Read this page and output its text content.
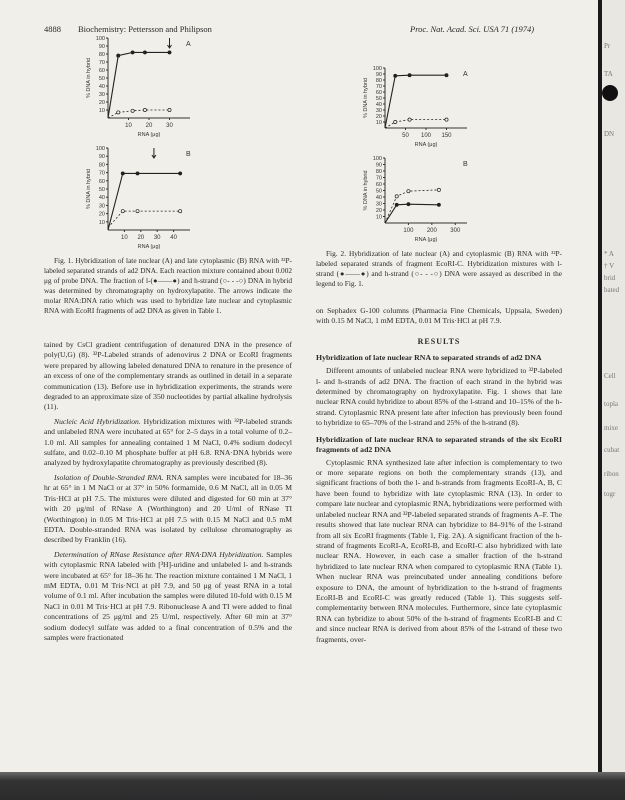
4888 Biochemistry: Pettersson and Philipson	Proc. Nat. Acad. Sci. USA 71 (1974)
10
20
30
40
50
60
70
80
90
100
10 20 30
RNA (μg)
% DNA in hybrid
A
10
20
30
40
50
60
70
80
90
100
10 20 30 40
RNA (μg)
% DNA in hybrid
B
10
20
30
40
50
60
70
80
90
100
50 100 150
RNA (μg)
% DNA in hybrid
A
10
20
30
40
50
60
70
80
90
100
100 200 300
RNA (μg)
% DNA in hybrid
B

Fig. 1. Hybridization of late nuclear (A) and late cytoplasmic (B) RNA with ³²P-labeled separated strands of ad2 DNA. Each reaction mixture contained about 0.002 μg of probe DNA. The fraction of l-(●——●) and h-strand (○- - -○) DNA in hybrid was determined by chromatography on hydroxylapatite. The arrows indicate the molar RNA:DNA ratio which was used to hybridize late nuclear and cytoplasmic RNA with EcoRI fragments of ad2 DNA as given in Table 1.

Fig. 2. Hybridization of late nuclear (A) and cytoplasmic (B) RNA with ³²P-labeled separated strands of fragment EcoRI-C. Hybridization mixtures with l-strand (●——●) and h-strand (○- - -○) DNA were assayed as described in the legend to Fig. 1.

tained by CsCl gradient centrifugation of denatured DNA in the presence of poly(U,G) (8). ³²P-Labeled strands of adenovirus 2 DNA or EcoRI fragments were prepared by allowing labeled denatured DNA to renature in the presence of an excess of one of the complementary strands as outlined in detail in a separate communication (13). Before use in hybridization experiments, the strands were degraded to an approximate size of 350 nucleotides by partial alkaline hydrolysis (11).

Nucleic Acid Hybridization. Hybridization mixtures with ³²P-labeled strands and unlabeled RNA were incubated at 65° for 2–5 days in a total volume of 0.2–1.0 ml. All samples for annealing contained 1 M NaCl, 0.4% sodium dodecyl sulfate, and 0.02–0.10 M phosphate buffer at pH 6.8. RNA·DNA hybrids were analyzed by hydroxylapatite chromatography as previously described (8).

Isolation of Double-Stranded RNA. RNA samples were incubated for 18–36 hr at 65° in 1 M NaCl or at 37° in 50% formamide, 0.6 M NaCl, all in 0.05 M Tris·HCl at pH 7.5. The mixtures were diluted and digested for 60 min at 37° with 20 μg/ml of RNase A (Worthington) and 20 U/ml of RNase TI (Worthington) in 0.05 M Tris·HCl at pH 7.5 with 0.15 M NaCl and 0.5 mM EDTA. Double-stranded RNA was isolated by cellulose chromatography as described by Franklin (16).

Determination of RNase Resistance after RNA·DNA Hybridization. Samples with cytoplasmic RNA labeled with [³H]-uridine and unlabeled l- and h-strands were incubated at 65° for 18–36 hr. The reaction mixture contained 1 M NaCl, 1 mM EDTA, 0.01 M Tris·NCl at pH 7.9, and 50 μg of yeast RNA in a total volume of 0.1 ml. After incubation the samples were diluted 10-fold with 0.15 M NaCl in 0.01 M Tris·HCl at pH 7.9. Ribonuclease A and TI were added to final concentrations of 25 μg/ml and 25 U/ml, respectively. After 60 min at 37° sodium dodecyl sulfate was added to a final concentration of 0.5% and the samples were fractionated

on Sephadex G-100 columns (Pharmacia Fine Chemicals, Uppsala, Sweden) with 0.15 M NaCl, 1 mM EDTA, 0.01 M Tris·HCl at pH 7.9.

RESULTS
Hybridization of late nuclear RNA to separated strands of ad2 DNA

Different amounts of unlabeled nuclear RNA were hybridized to ³²P-labeled l- and h-strands of ad2 DNA. The fraction of each strand in the hybrid was determined by chromatography on hydroxylapatite. Fig. 1 shows that late nuclear RNA could hybridize to about 85% of the l-strand and 10–15% of the h-strand. Cytoplasmic RNA present late after infection has previously been found to hybridize to 65–70% of the l-strand and 25% of the h-strand (8).

Hybridization of late nuclear RNA to separated strands of the six EcoRI fragments of ad2 DNA

Cytoplasmic RNA synthesized late after infection is complementary to two or more separate regions on both the complementary strands (13), and significant fractions of both the l- and h-strands from fragments EcoRI-A, B, C have been found to hybridize with late cytoplasmic RNA (13). In order to compare late nuclear and cytoplasmic RNA, hybridizations were performed with unlabeled nuclear RNA and ³²P-labeled separated strands of fragments A–F. The results showed that late nuclear RNA can hybridize to 84–91% of the l-strand from all six EcoRI fragments (Table 1, Fig. 2A). A significant fraction of the h-strand of fragments EcoRI-A, EcoRI-B, and EcoRI-C also hybridized with late nuclear RNA. However, in each case a smaller fraction of the h-strand hybridized to late nuclear RNA when compared to cytoplasmic RNA (Table 1). When nuclear RNA was preincubated under annealing conditions before exposure to DNA, the amount of hybridization to the h-strand of fragments EcoRI-B and EcoRI-C was greatly reduced (Table 1). This suggests self-complementarity between RNA molecules. Furthermore, since late cytoplasmic RNA can hybridize to about 50% of the h-strand of fragments EcoRI-B and C and since nuclear RNA is derived from about 85% of the l-strand of these two fragments, over-

Pr
TA
DN
* A
† V
brid
bated
Cell
toplа
mixe
cubat
ribon
togr
